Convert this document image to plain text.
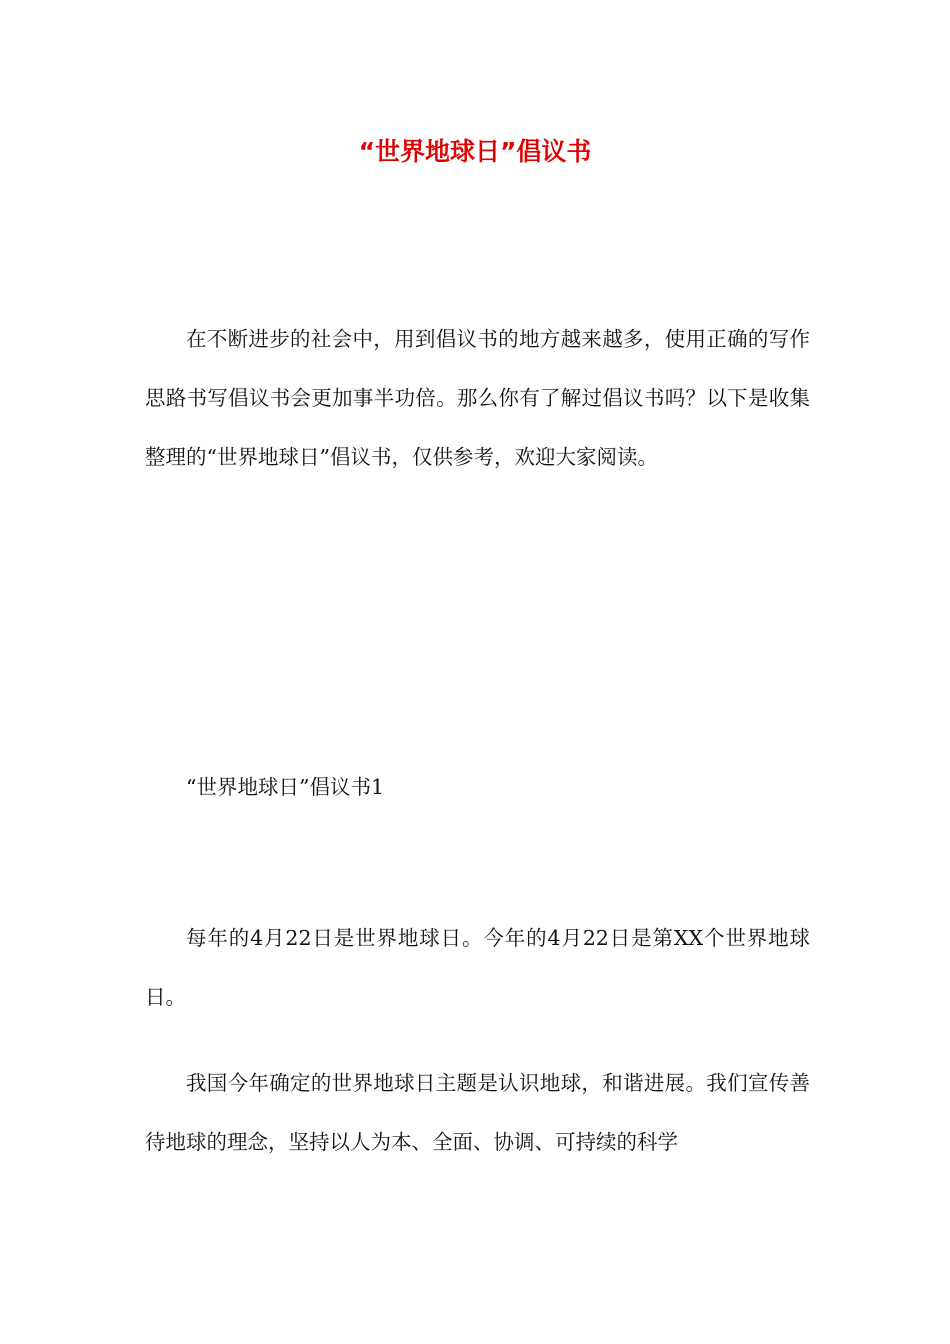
“世界地球日”倡议书

在不断进步的社会中，用到倡议书的地方越来越多，使用正确的写作思路书写倡议书会更加事半功倍。那么你有了解过倡议书吗？以下是收集整理的“世界地球日”倡议书，仅供参考，欢迎大家阅读。

“世界地球日”倡议书1

每年的4月22日是世界地球日。今年的4月22日是第XX个世界地球日。

我国今年确定的世界地球日主题是认识地球，和谐进展。我们宣传善待地球的理念，坚持以人为本、全面、协调、可持续的科学
